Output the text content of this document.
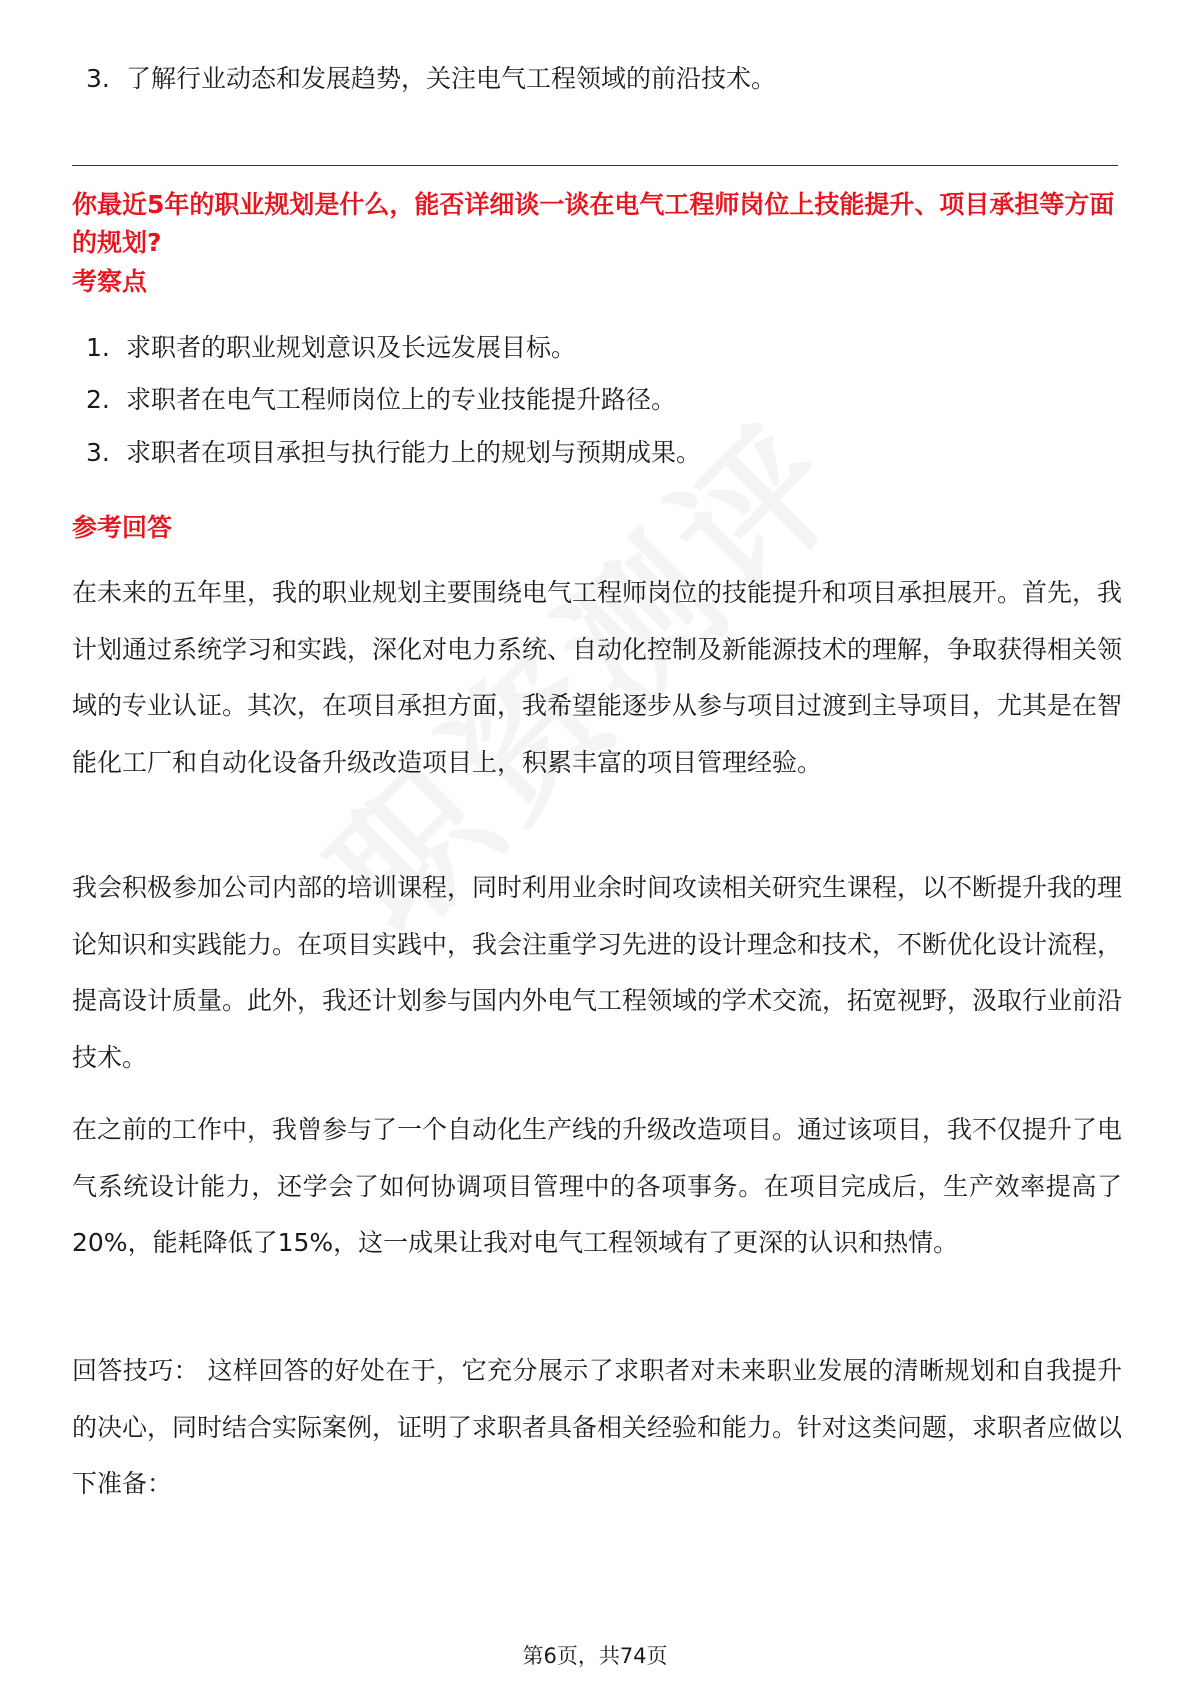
3. 了解行业动态和发展趋势，关注电气工程领域的前沿技术。
你最近5年的职业规划是什么，能否详细谈一谈在电气工程师岗位上技能提升、项目承担等方面的规划?
考察点
1. 求职者的职业规划意识及长远发展目标。
2. 求职者在电气工程师岗位上的专业技能提升路径。
3. 求职者在项目承担与执行能力上的规划与预期成果。
参考回答
在未来的五年里，我的职业规划主要围绕电气工程师岗位的技能提升和项目承担展开。首先，我计划通过系统学习和实践，深化对电力系统、自动化控制及新能源技术的理解，争取获得相关领域的专业认证。其次，在项目承担方面，我希望能逐步从参与项目过渡到主导项目，尤其是在智能化工厂和自动化设备升级改造项目上，积累丰富的项目管理经验。
我会积极参加公司内部的培训课程，同时利用业余时间攻读相关研究生课程，以不断提升我的理论知识和实践能力。在项目实践中，我会注重学习先进的设计理念和技术，不断优化设计流程，提高设计质量。此外，我还计划参与国内外电气工程领域的学术交流，拓宽视野，汲取行业前沿技术。
在之前的工作中，我曾参与了一个自动化生产线的升级改造项目。通过该项目，我不仅提升了电气系统设计能力，还学会了如何协调项目管理中的各项事务。在项目完成后，生产效率提高了20%，能耗降低了15%，这一成果让我对电气工程领域有了更深的认识和热情。
回答技巧： 这样回答的好处在于，它充分展示了求职者对未来职业发展的清晰规划和自我提升的决心，同时结合实际案例，证明了求职者具备相关经验和能力。针对这类问题，求职者应做以下准备：
第6页，共74页
